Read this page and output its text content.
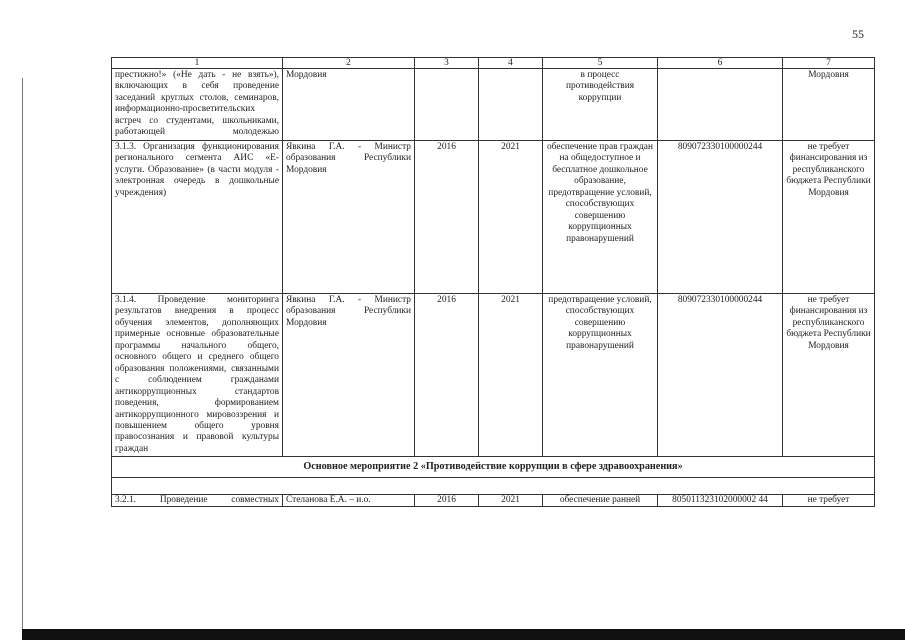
55
1	2	3	4	5	6	7
престижно!» («Не дать - не взять»), включающих в себя проведение заседаний круглых столов, семинаров, информационно-просветительских встреч со студентами, школьниками, работающей молодежью	Мордовия			в процесс противодействия коррупции		Мордовия
3.1.3. Организация функционирования регионального сегмента АИС «Е-услуги. Образование» (в части модуля - электронная очередь в дошкольные учреждения)	Явкина Г.А. - Министр образования Республики Мордовия	2016	2021	обеспечение прав граждан на общедоступное и бесплатное дошкольное образование, предотвращение условий, способствующих совершению коррупционных правонарушений	809072330100000244	не требует финансирования из республиканского бюджета Республики Мордовия
3.1.4. Проведение мониторинга результатов внедрения в процесс обучения элементов, дополняющих примерные основные образовательные программы начального общего, основного общего и среднего общего образования положениями, связанными с соблюдением гражданами антикоррупционных стандартов поведения, формированием антикоррупционного мировоззрения и повышением общего уровня правосознания и правовой культуры граждан	Явкина Г.А. - Министр образования Республики Мордовия	2016	2021	предотвращение условий, способствующих совершению коррупционных правонарушений	809072330100000244	не требует финансирования из республиканского бюджета Республики Мордовия
Основное мероприятие 2 «Противодействие коррупции в сфере здравоохранения»						

3.2.1. Проведение совместных	Стеланова Е.А. – и.о.	2016	2021	обеспечение ранней	805011323102000002 44	не требует
